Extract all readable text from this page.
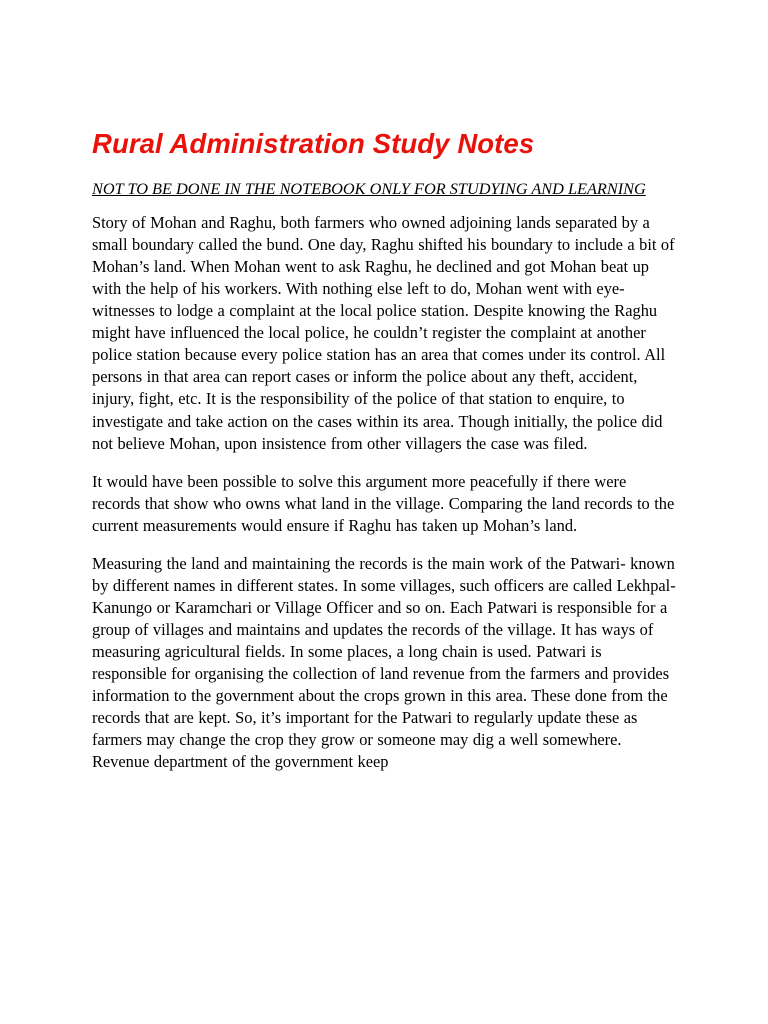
Rural Administration Study Notes
NOT TO BE DONE IN THE NOTEBOOK ONLY FOR STUDYING AND LEARNING

Story of Mohan and Raghu, both farmers who owned adjoining lands separated by a small boundary called the bund. One day, Raghu shifted his boundary to include a bit of Mohan’s land. When Mohan went to ask Raghu, he declined and got Mohan beat up with the help of his workers. With nothing else left to do, Mohan went with eye-witnesses to lodge a complaint at the local police station. Despite knowing the Raghu might have influenced the local police, he couldn’t register the complaint at another police station because every police station has an area that comes under its control. All persons in that area can report cases or inform the police about any theft, accident, injury, fight, etc. It is the responsibility of the police of that station to enquire, to investigate and take action on the cases within its area. Though initially, the police did not believe Mohan, upon insistence from other villagers the case was filed.

It would have been possible to solve this argument more peacefully if there were records that show who owns what land in the village. Comparing the land records to the current measurements would ensure if Raghu has taken up Mohan’s land.

Measuring the land and maintaining the records is the main work of the Patwari- known by different names in different states. In some villages, such officers are called Lekhpal-Kanungo or Karamchari or Village Officer and so on. Each Patwari is responsible for a group of villages and maintains and updates the records of the village. It has ways of measuring agricultural fields. In some places, a long chain is used. Patwari is responsible for organising the collection of land revenue from the farmers and provides information to the government about the crops grown in this area. These done from the records that are kept. So, it’s important for the Patwari to regularly update these as farmers may change the crop they grow or someone may dig a well somewhere. Revenue department of the government keep
